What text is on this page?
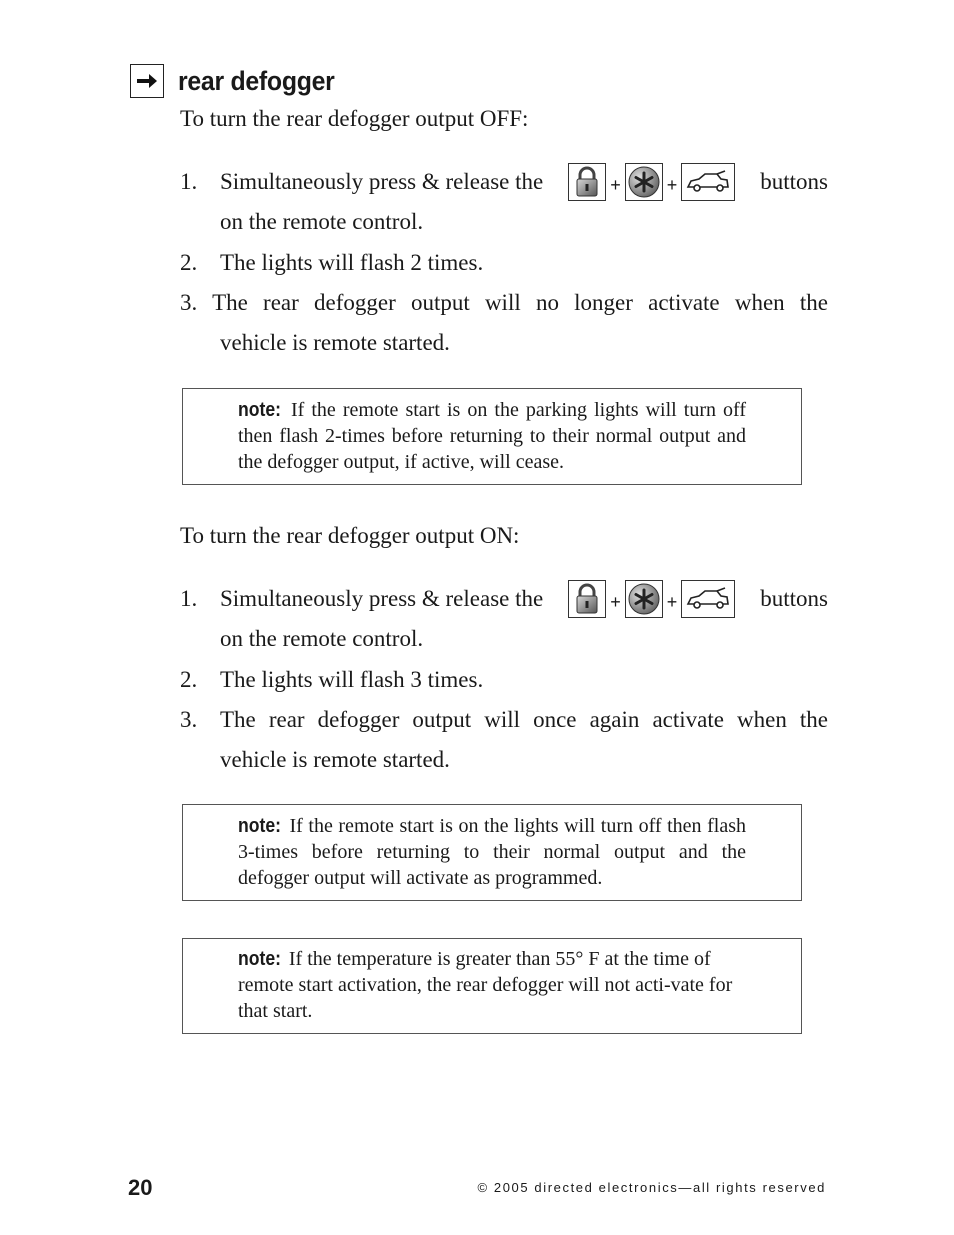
rear defogger
To turn the rear defogger output OFF:
1. Simultaneously press & release the	+	+	buttons
on the remote control.
2. The lights will flash 2 times.
3. The rear defogger output will no longer activate when the
vehicle is remote started.
note: If the remote start is on the parking lights will turn off then flash 2-times before returning to their normal output and the defogger output, if active, will cease.
To turn the rear defogger output ON:
1. Simultaneously press & release the	+	+	buttons
on the remote control.
2. The lights will flash 3 times.
3. The rear defogger output will once again activate when the
vehicle is remote started.
note: If the remote start is on the lights will turn off then flash 3-times before returning to their normal output and the defogger output will activate as programmed.
note: If the temperature is greater than 55° F at the time of remote start activation, the rear defogger will not acti-vate for that start.
20	© 2005 directed electronics—all rights reserved
